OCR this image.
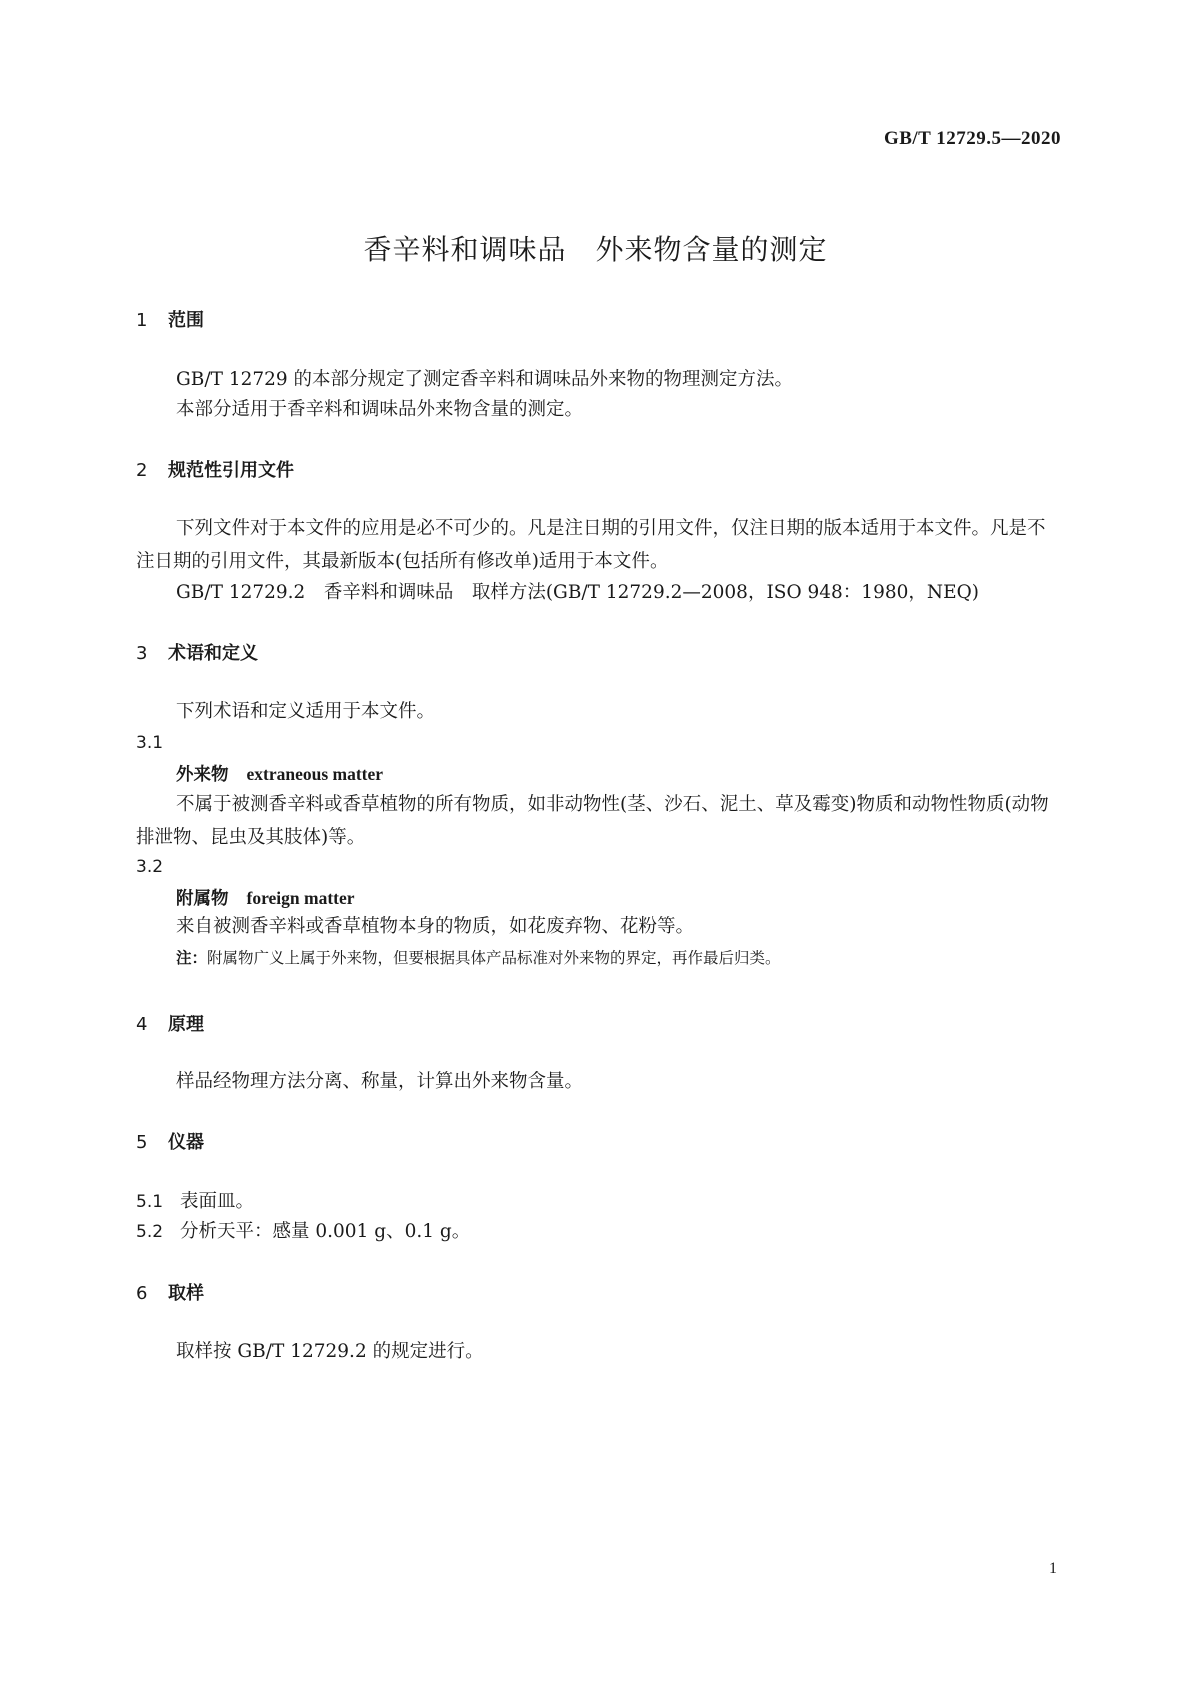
GB/T 12729.5—2020
香辛料和调味品　外来物含量的测定
1 范围
GB/T 12729 的本部分规定了测定香辛料和调味品外来物的物理测定方法。
本部分适用于香辛料和调味品外来物含量的测定。
2 规范性引用文件
下列文件对于本文件的应用是必不可少的。凡是注日期的引用文件，仅注日期的版本适用于本文件。凡是不注日期的引用文件，其最新版本(包括所有修改单)适用于本文件。
GB/T 12729.2　香辛料和调味品　取样方法(GB/T 12729.2—2008，ISO 948：1980，NEQ)
3 术语和定义
下列术语和定义适用于本文件。
3.1
外来物 extraneous matter
不属于被测香辛料或香草植物的所有物质，如非动物性(茎、沙石、泥土、草及霉变)物质和动物性物质(动物排泄物、昆虫及其肢体)等。
3.2
附属物 foreign matter
来自被测香辛料或香草植物本身的物质，如花废弃物、花粉等。
注：附属物广义上属于外来物，但要根据具体产品标准对外来物的界定，再作最后归类。
4 原理
样品经物理方法分离、称量，计算出外来物含量。
5 仪器
5.1 表面皿。
5.2 分析天平：感量 0.001 g、0.1 g。
6 取样
取样按 GB/T 12729.2 的规定进行。
1
